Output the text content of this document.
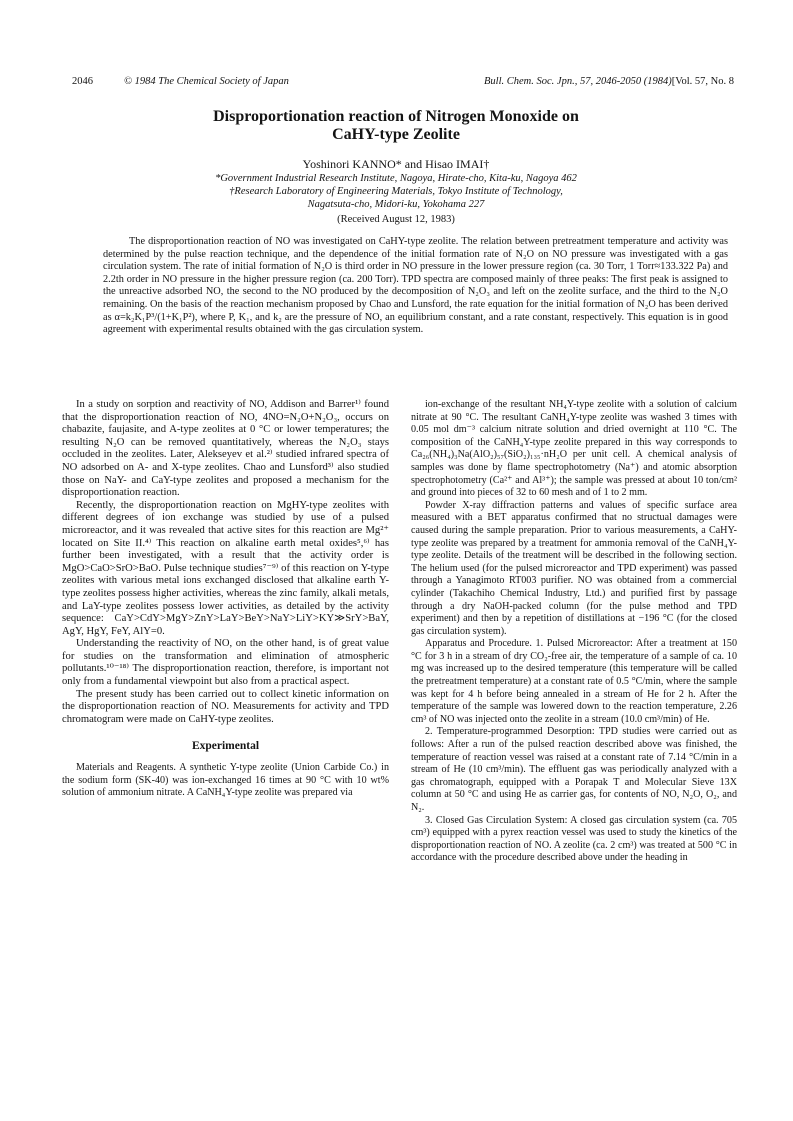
2046	© 1984 The Chemical Society of Japan	Bull. Chem. Soc. Jpn., 57, 2046-2050 (1984) [Vol. 57, No. 8
Disproportionation reaction of Nitrogen Monoxide on
CaHY-type Zeolite
Yoshinori KANNO* and Hisao IMAI†
*Government Industrial Research Institute, Nagoya, Hirate-cho, Kita-ku, Nagoya 462
†Research Laboratory of Engineering Materials, Tokyo Institute of Technology,
Nagatsuta-cho, Midori-ku, Yokohama 227
(Received August 12, 1983)

The disproportionation reaction of NO was investigated on CaHY-type zeolite. The relation between pretreatment temperature and activity was determined by the pulse reaction technique, and the dependence of the initial formation rate of N₂O on NO pressure was investigated with a gas circulation system. The rate of initial formation of N₂O is third order in NO pressure in the lower pressure region (ca. 30 Torr, 1 Torr≈133.322 Pa) and 2.2th order in NO pressure in the higher pressure region (ca. 200 Torr). TPD spectra are composed mainly of three peaks: The first peak is assigned to the unreactive adsorbed NO, the second to the NO produced by the decomposition of N₂O₃ and left on the zeolite surface, and the third to the N₂O remaining. On the basis of the reaction mechanism proposed by Chao and Lunsford, the rate equation for the initial formation of N₂O has been derived as α=k₂K₁P³/(1+K₁P²), where P, K₁, and k₂ are the pressure of NO, an equilibrium constant, and a rate constant, respectively. This equation is in good agreement with experimental results obtained with the gas circulation system.

In a study on sorption and reactivity of NO, Addison and Barrer¹⁾ found that the disproportionation reaction of NO, 4NO=N₂O+N₂O₃, occurs on chabazite, faujasite, and A-type zeolites at 0 °C or lower temperatures; the resulting N₂O can be removed quantitatively, whereas the N₂O₃ stays occluded in the zeolites. Later, Alekseyev et al.²⁾ studied infrared spectra of NO adsorbed on A- and X-type zeolites. Chao and Lunsford³⁾ also studied those on NaY- and CaY-type zeolites and proposed a mechanism for the disproportionation reaction.

Recently, the disproportionation reaction on MgHY-type zeolites with different degrees of ion exchange was studied by use of a pulsed microreactor, and it was revealed that active sites for this reaction are Mg²⁺ located on Site II.⁴⁾ This reaction on alkaline earth metal oxides⁵,⁶⁾ has further been investigated, with a result that the activity order is MgO>CaO>SrO>BaO. Pulse technique studies⁷⁻⁹⁾ of this reaction on Y-type zeolites with various metal ions exchanged disclosed that alkaline earth Y-type zeolites possess higher activities, whereas the zinc family, alkali metals, and LaY-type zeolites possess lower activities, as detailed by the activity sequence: CaY>CdY>MgY>ZnY>LaY>BeY>NaY>LiY>KY≫SrY>BaY, AgY, HgY, FeY, AlY=0.

Understanding the reactivity of NO, on the other hand, is of great value for studies on the transformation and elimination of atmospheric pollutants.¹⁰⁻¹⁸⁾ The disproportionation reaction, therefore, is important not only from a fundamental viewpoint but also from a practical aspect.

The present study has been carried out to collect kinetic information on the disproportionation reaction of NO. Measurements for activity and TPD chromatogram were made on CaHY-type zeolites.

Experimental

Materials and Reagents. A synthetic Y-type zeolite (Union Carbide Co.) in the sodium form (SK-40) was ion-exchanged 16 times at 90 °C with 10 wt% solution of ammonium nitrate. A CaNH₄Y-type zeolite was prepared via

ion-exchange of the resultant NH₄Y-type zeolite with a solution of calcium nitrate at 90 °C. The resultant CaNH₄Y-type zeolite was washed 3 times with 0.05 mol dm⁻³ calcium nitrate solution and dried overnight at 110 °C. The composition of the CaNH₄Y-type zeolite prepared in this way corresponds to Ca₂₆(NH₄)₃Na(AlO₂)₅₇(SiO₂)₁₃₅·nH₂O per unit cell. A chemical analysis of samples was done by flame spectrophotometry (Na⁺) and atomic absorption spectrophotometry (Ca²⁺ and Al³⁺); the sample was pressed at about 10 ton/cm² and ground into pieces of 32 to 60 mesh and of 1 to 2 mm.

Powder X-ray diffraction patterns and values of specific surface area measured with a BET apparatus confirmed that no structual damages were caused during the sample preparation. Prior to various measurements, a CaHY-type zeolite was prepared by a treatment for ammonia removal of the CaNH₄Y-type zeolite. Details of the treatment will be described in the following section. The helium used (for the pulsed microreactor and TPD experiment) was passed through a Yanagimoto RT003 purifier. NO was obtained from a commercial cylinder (Takachiho Chemical Industry, Ltd.) and purified first by passage through a dry NaOH-packed column (for the pulse method and TPD experiment) and then by a repetition of distillations at −196 °C (for the closed gas circulation system).

Apparatus and Procedure. 1. Pulsed Microreactor: After a treatment at 150 °C for 3 h in a stream of dry CO₂-free air, the temperature of a sample of ca. 10 mg was increased up to the desired temperature (this temperature will be called the pretreatment temperature) at a constant rate of 0.5 °C/min, where the sample was kept for 4 h before being annealed in a stream of He for 2 h. After the temperature of the sample was lowered down to the reaction temperature, 2.26 cm³ of NO was injected onto the zeolite in a stream (10.0 cm³/min) of He.

2. Temperature-programmed Desorption: TPD studies were carried out as follows: After a run of the pulsed reaction described above was finished, the temperature of reaction vessel was raised at a constant rate of 7.14 °C/min in a stream of He (10 cm³/min). The effluent gas was periodically analyzed with a gas chromatograph, equipped with a Porapak T and Molecular Sieve 13X column at 50 °C and using He as carrier gas, for contents of NO, N₂O, O₂, and N₂.

3. Closed Gas Circulation System: A closed gas circulation system (ca. 705 cm³) equipped with a pyrex reaction vessel was used to study the kinetics of the disproportionation reaction of NO. A zeolite (ca. 2 cm³) was treated at 500 °C in accordance with the procedure described above under the heading in
